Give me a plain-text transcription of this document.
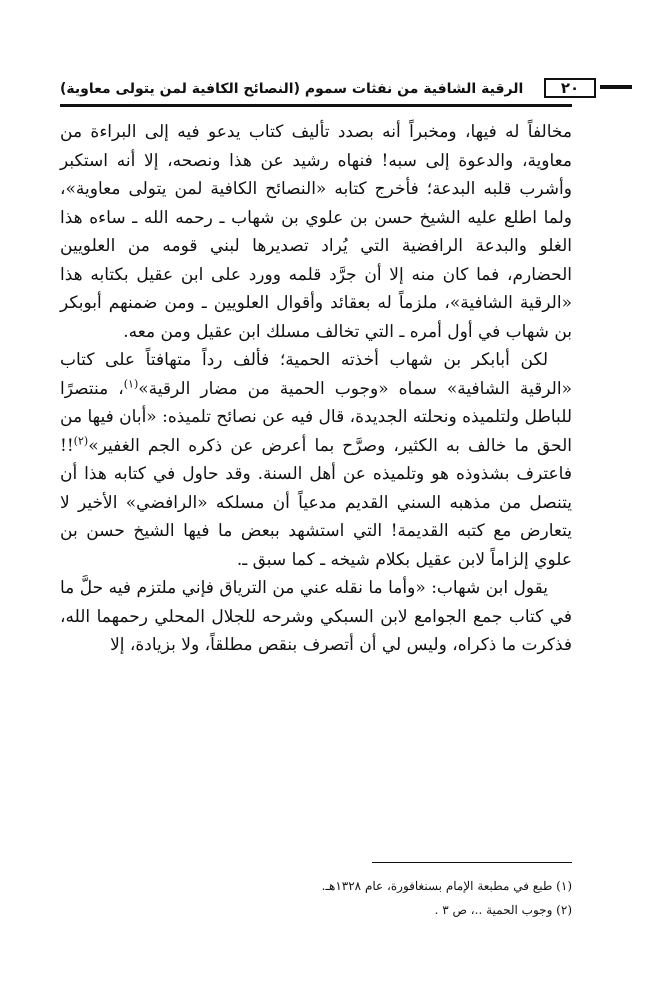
الرقية الشافية من نفثات سموم (النصائح الكافية لمن يتولى معاوية)	٢٠

مخالفاً له فيها، ومخبراً أنه بصدد تأليف كتاب يدعو فيه إلى البراءة من معاوية، والدعوة إلى سبه! فنهاه رشيد عن هذا ونصحه، إلا أنه استكبر وأشرب قلبه البدعة؛ فأخرج كتابه «النصائح الكافية لمن يتولى معاوية»، ولما اطلع عليه الشيخ حسن بن علوي بن شهاب ـ رحمه الله ـ ساءه هذا الغلو والبدعة الرافضية التي يُراد تصديرها لبني قومه من العلويين الحضارم، فما كان منه إلا أن جرَّد قلمه وورد على ابن عقيل بكتابه هذا «الرقية الشافية»، ملزماً له بعقائد وأقوال العلويين ـ ومن ضمنهم أبوبكر بن شهاب في أول أمره ـ التي تخالف مسلك ابن عقيل ومن معه.

لكن أبابكر بن شهاب أخذته الحمية؛ فألف رداً متهافتاً على كتاب «الرقية الشافية» سماه «وجوب الحمية من مضار الرقية»$^{(١)}$، منتصرًا للباطل ولتلميذه ونحلته الجديدة، قال فيه عن نصائح تلميذه: «أبان فيها من الحق ما خالف به الكثير، وصرَّح بما أعرض عن ذكره الجم الغفير»$^{(٢)}$!! فاعترف بشذوذه هو وتلميذه عن أهل السنة. وقد حاول في كتابه هذا أن يتنصل من مذهبه السني القديم مدعياً أن مسلكه «الرافضي» الأخير لا يتعارض مع كتبه القديمة! التي استشهد ببعض ما فيها الشيخ حسن بن علوي إلزاماً لابن عقيل بكلام شيخه ـ كما سبق ـ.

يقول ابن شهاب: «وأما ما نقله عني من الترياق فإني ملتزم فيه حلَّ ما في كتاب جمع الجوامع لابن السبكي وشرحه للجلال المحلي رحمهما الله، فذكرت ما ذكراه، وليس لي أن أتصرف بنقص مطلقاً، ولا بزيادة، إلا

(١) طبع في مطبعة الإمام بسنغافورة، عام ١٣٢٨هـ.

(٢) وجوب الحمية ..، ص ٣ .
